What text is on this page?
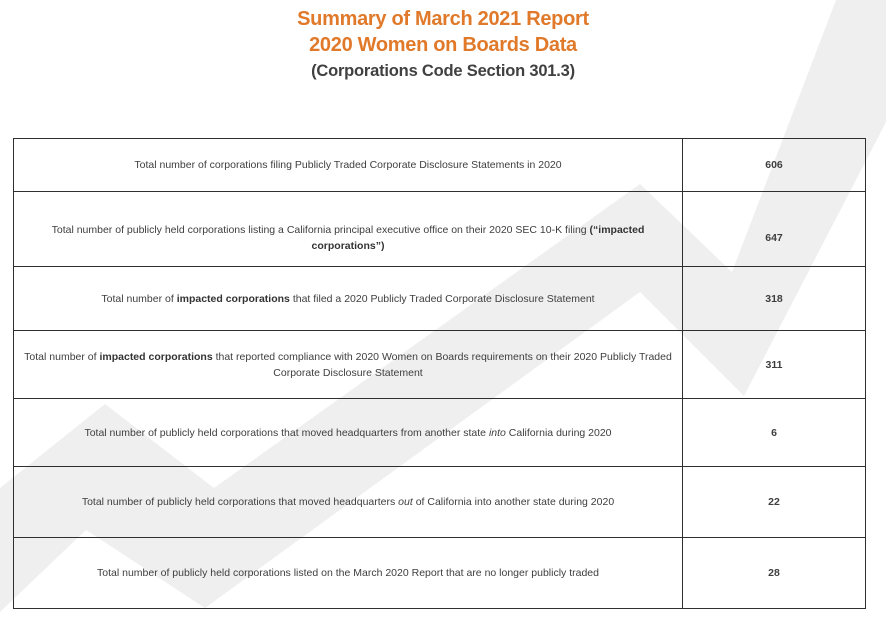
Summary of March 2021 Report
2020 Women on Boards Data
(Corporations Code Section 301.3)
Total number of corporations filing Publicly Traded Corporate Disclosure Statements in 2020	606
Total number of publicly held corporations listing a California principal executive office on their 2020 SEC 10-K filing (“impacted corporations”)	647
Total number of impacted corporations that filed a 2020 Publicly Traded Corporate Disclosure Statement	318
Total number of impacted corporations that reported compliance with 2020 Women on Boards requirements on their 2020 Publicly Traded Corporate Disclosure Statement	311
Total number of publicly held corporations that moved headquarters from another state into California during 2020	6
Total number of publicly held corporations that moved headquarters out of California into another state during 2020	22
Total number of publicly held corporations listed on the March 2020 Report that are no longer publicly traded	28
